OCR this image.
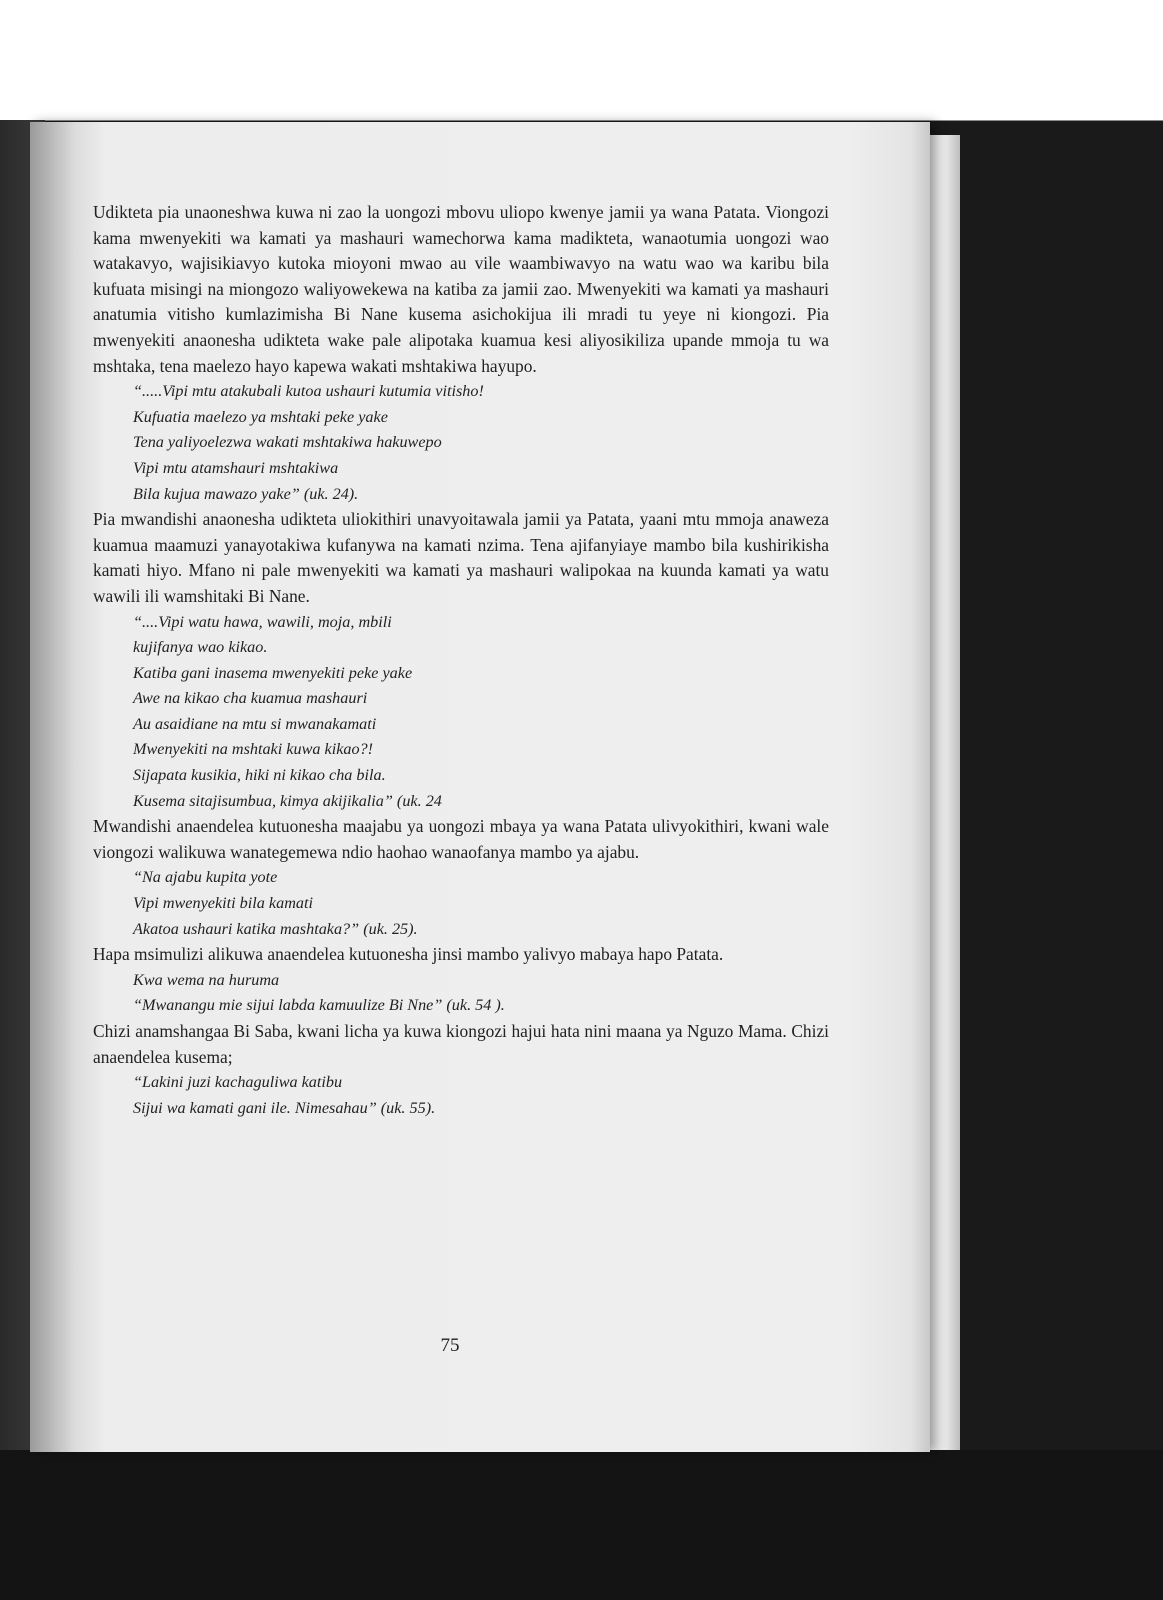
Udikteta pia unaoneshwa kuwa ni zao la uongozi mbovu uliopo kwenye jamii ya wana Patata. Viongozi kama mwenyekiti wa kamati ya mashauri wamechorwa kama madikteta, wanaotumia uongozi wao watakavyo, wajisikiavyo kutoka mioyoni mwao au vile waambiwavyo na watu wao wa karibu bila kufuata misingi na miongozo waliyowekewa na katiba za jamii zao. Mwenyekiti wa kamati ya mashauri anatumia vitisho kumlazimisha Bi Nane kusema asichokijua ili mradi tu yeye ni kiongozi. Pia mwenyekiti anaonesha udikteta wake pale alipotaka kuamua kesi aliyosikiliza upande mmoja tu wa mshtaka, tena maelezo hayo kapewa wakati mshtakiwa hayupo.

“.....Vipi mtu atakubali kutoa ushauri kutumia vitisho!
Kufuatia maelezo ya mshtaki peke yake
Tena yaliyoelezwa wakati mshtakiwa hakuwepo
Vipi mtu atamshauri mshtakiwa
Bila kujua mawazo yake” (uk. 24).

Pia mwandishi anaonesha udikteta uliokithiri unavyoitawala jamii ya Patata, yaani mtu mmoja anaweza kuamua maamuzi yanayotakiwa kufanywa na kamati nzima. Tena ajifanyiaye mambo bila kushirikisha kamati hiyo. Mfano ni pale mwenyekiti wa kamati ya mashauri walipokaa na kuunda kamati ya watu wawili ili wamshitaki Bi Nane.

“....Vipi watu hawa, wawili, moja, mbili
kujifanya wao kikao.
Katiba gani inasema mwenyekiti peke yake
Awe na kikao cha kuamua mashauri
Au asaidiane na mtu si mwanakamati
Mwenyekiti na mshtaki kuwa kikao?!
Sijapata kusikia, hiki ni kikao cha bila.
Kusema sitajisumbua, kimya akijikalia” (uk. 24

Mwandishi anaendelea kutuonesha maajabu ya uongozi mbaya ya wana Patata ulivyokithiri, kwani wale viongozi walikuwa wanategemewa ndio haohao wanaofanya mambo ya ajabu.

“Na ajabu kupita yote
Vipi mwenyekiti bila kamati
Akatoa ushauri katika mashtaka?” (uk. 25).

Hapa msimulizi alikuwa anaendelea kutuonesha jinsi mambo yalivyo mabaya hapo Patata.

Kwa wema na huruma
“Mwanangu mie sijui labda kamuulize Bi Nne” (uk. 54 ).

Chizi anamshangaa Bi Saba, kwani licha ya kuwa kiongozi hajui hata nini maana ya Nguzo Mama. Chizi anaendelea kusema;

“Lakini juzi kachaguliwa katibu
Sijui wa kamati gani ile. Nimesahau” (uk. 55).
75
